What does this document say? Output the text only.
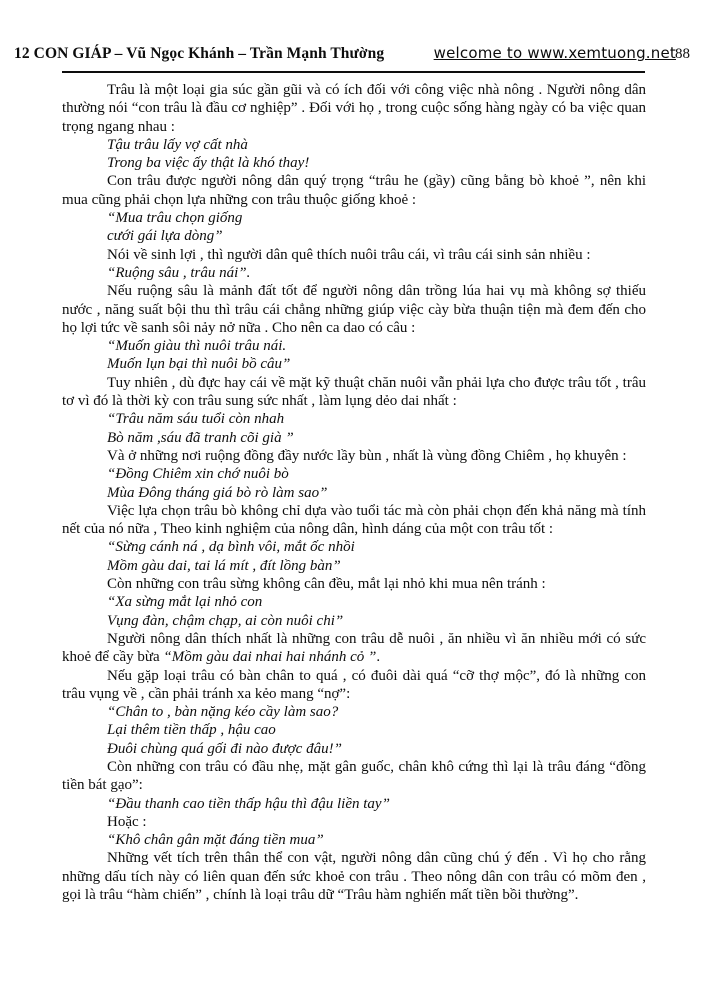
12 CON GIÁP – Vũ Ngọc Khánh – Trần Mạnh Thường	welcome to www.xemtuong.net 88

Trâu là một loại gia súc gần gũi và có ích đối với công việc nhà nông . Người nông dân thường nói “con trâu là đầu cơ nghiệp” . Đối với họ , trong cuộc sống hàng ngày có ba việc quan trọng ngang nhau :

Tậu trâu lấy vợ cất nhà
Trong ba việc ấy thật là khó thay!

Con trâu được người nông dân quý trọng “trâu he (gầy) cũng bằng bò khoẻ ”, nên khi mua cũng phải chọn lựa những con trâu thuộc giống khoẻ :

“Mua trâu chọn giống
cưới gái lựa dòng”

Nói về sinh lợi , thì người dân quê thích nuôi trâu cái, vì trâu cái sinh sản nhiều :

“Ruộng sâu , trâu nái”.

Nếu ruộng sâu là mảnh đất tốt để người nông dân trồng lúa hai vụ mà không sợ thiếu nước , năng suất bội thu thì trâu cái chẳng những giúp việc cày bừa thuận tiện mà đem đến cho họ lợi tức về sanh sôi nảy nở nữa . Cho nên ca dao có câu :

“Muốn giàu thì nuôi trâu nái.
Muốn lụn bại thì nuôi bồ câu”

Tuy nhiên , dù đực hay cái về mặt kỹ thuật chăn nuôi vẫn phải lựa cho được trâu tốt , trâu tơ vì đó là thời kỳ con trâu sung sức nhất , làm lụng dẻo dai nhất :

“Trâu năm sáu tuổi còn nhah
Bò năm ,sáu đã tranh cõi già ”

Và ở những nơi ruộng đồng đầy nước lầy bùn , nhất là vùng đồng Chiêm , họ khuyên :

“Đồng Chiêm xin chớ nuôi bò
Mùa Đông tháng giá bò rò làm sao”

Việc lựa chọn trâu bò không chỉ dựa vào tuổi tác mà còn phải chọn đến khả năng mà tính nết của nó nữa , Theo kinh nghiệm của nông dân, hình dáng của một con trâu tốt :

“Sừng cánh ná , dạ bình vôi, mắt ốc nhồi
Mồm gàu dai, tai lá mít , đít lồng bàn”

Còn những con trâu sừng không cân đều, mắt lại nhỏ khi mua nên tránh :

“Xa sừng mắt lại nhỏ con
Vụng đàn, chậm chạp, ai còn nuôi chi”

Người nông dân thích nhất là những con trâu dễ nuôi , ăn nhiều vì ăn nhiều mới có sức khoẻ để cầy bừa “Mồm gàu dai nhai hai nhánh cỏ ”.

Nếu gặp loại trâu có bàn chân to quá , có đuôi dài quá “cỡ thợ mộc”, đó là những con trâu vụng về , cần phải tránh xa kẻo mang “nợ”:

“Chân to , bàn nặng kéo cầy làm sao?
Lại thêm tiền thấp , hậu cao
Đuôi chùng quá gối đi nào được đâu!”

Còn những con trâu có đầu nhẹ, mặt gân guốc, chân khô cứng thì lại là trâu đáng “đồng tiền bát gạo”:

“Đầu thanh cao tiền thấp hậu thì đậu liền tay”

Hoặc :

“Khô chân gân mặt đáng tiền mua”

Những vết tích trên thân thể con vật, người nông dân cũng chú ý đến . Vì họ cho rằng những dấu tích này có liên quan đến sức khoẻ con trâu . Theo nông dân con trâu có mõm đen , gọi là trâu “hàm chiến” , chính là loại trâu dữ “Trâu hàm nghiến mất tiền bồi thường”.
